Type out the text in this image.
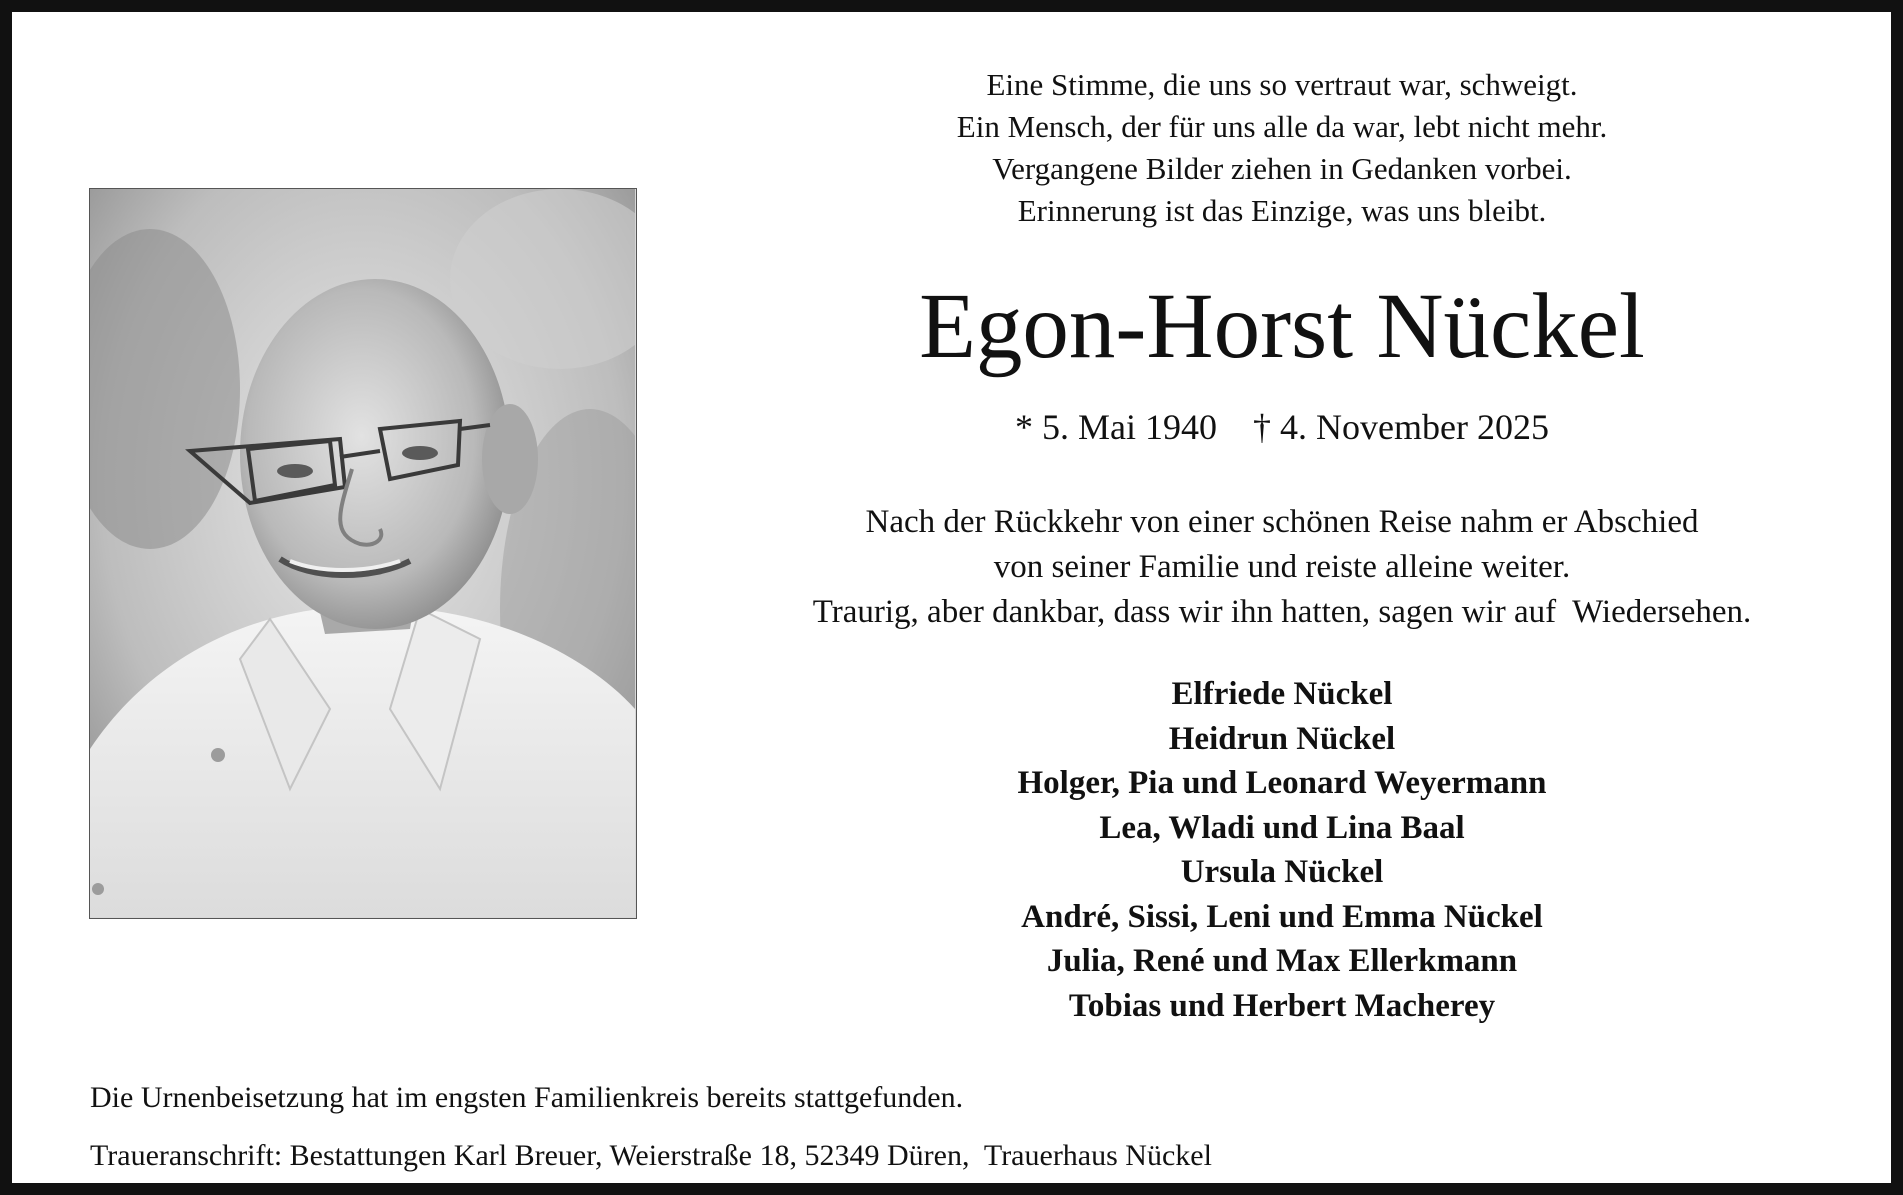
Eine Stimme, die uns so vertraut war, schweigt.
Ein Mensch, der für uns alle da war, lebt nicht mehr.
Vergangene Bilder ziehen in Gedanken vorbei.
Erinnerung ist das Einzige, was uns bleibt.
Egon-Horst Nückel
* 5. Mai 1940 † 4. November 2025
Nach der Rückkehr von einer schönen Reise nahm er Abschied
von seiner Familie und reiste alleine weiter.
Traurig, aber dankbar, dass wir ihn hatten, sagen wir auf  Wiedersehen.
Elfriede Nückel
Heidrun Nückel
Holger, Pia und Leonard Weyermann
Lea, Wladi und Lina Baal
Ursula Nückel
André, Sissi, Leni und Emma Nückel
Julia, René und Max Ellerkmann
Tobias und Herbert Macherey
Die Urnenbeisetzung hat im engsten Familienkreis bereits stattgefunden.
Traueranschrift: Bestattungen Karl Breuer, Weierstraße 18, 52349 Düren,  Trauerhaus Nückel
